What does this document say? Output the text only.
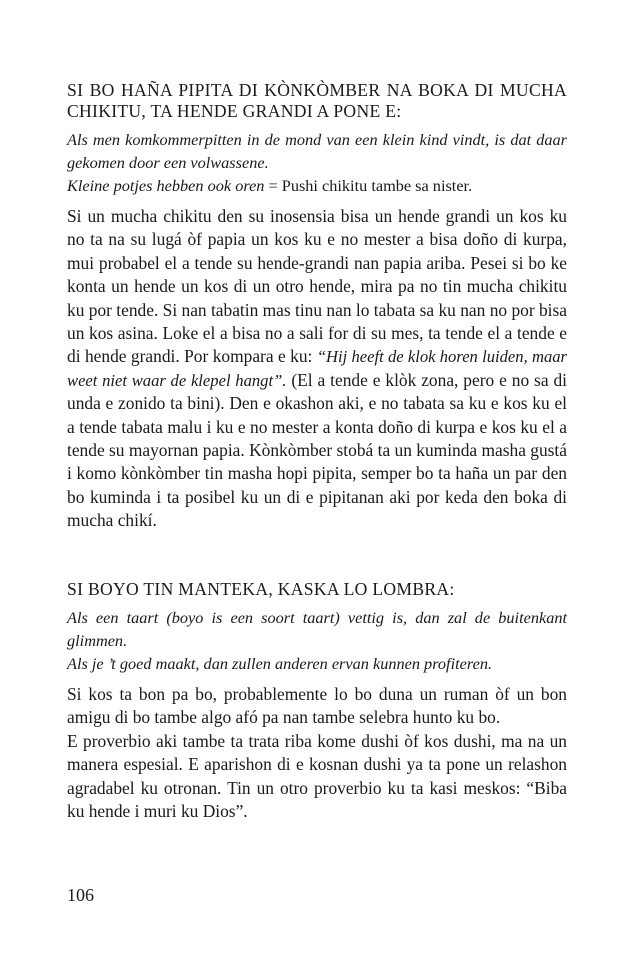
SI BO HAÑA PIPITA DI KÒNKÒMBER NA BOKA DI MUCHA CHIKITU, TA HENDE GRANDI A PONE E:

Als men komkommerpitten in de mond van een klein kind vindt, is dat daar gekomen door een volwassene.

Kleine potjes hebben ook oren = Pushi chikitu tambe sa nister.

Si un mucha chikitu den su inosensia bisa un hende grandi un kos ku no ta na su lugá òf papia un kos ku e no mester a bisa doño di kurpa, mui probabel el a tende su hende-grandi nan papia ariba. Pesei si bo ke konta un hende un kos di un otro hende, mira pa no tin mucha chikitu ku por tende. Si nan tabatin mas tinu nan lo tabata sa ku nan no por bisa un kos asina. Loke el a bisa no a sali for di su mes, ta tende el a tende e di hende grandi. Por kompara e ku: “Hij heeft de klok horen luiden, maar weet niet waar de klepel hangt”. (El a tende e klòk zona, pero e no sa di unda e zonido ta bini). Den e okashon aki, e no tabata sa ku e kos ku el a tende tabata malu i ku e no mester a konta doño di kurpa e kos ku el a tende su mayornan papia. Kònkòmber stobá ta un kuminda masha gustá i komo kònkòmber tin masha hopi pipita, semper bo ta haña un par den bo kuminda i ta posibel ku un di e pipitanan aki por keda den boka di mucha chikí.

SI BOYO TIN MANTEKA, KASKA LO LOMBRA:

Als een taart (boyo is een soort taart) vettig is, dan zal de buitenkant glimmen.

Als je ’t goed maakt, dan zullen anderen ervan kunnen profiteren.

Si kos ta bon pa bo, probablemente lo bo duna un ruman òf un bon amigu di bo tambe algo afó pa nan tambe selebra hunto ku bo.

E proverbio aki tambe ta trata riba kome dushi òf kos dushi, ma na un manera espesial. E aparishon di e kosnan dushi ya ta pone un relashon agradabel ku otronan. Tin un otro proverbio ku ta kasi meskos: “Biba ku hende i muri ku Dios”.

106
